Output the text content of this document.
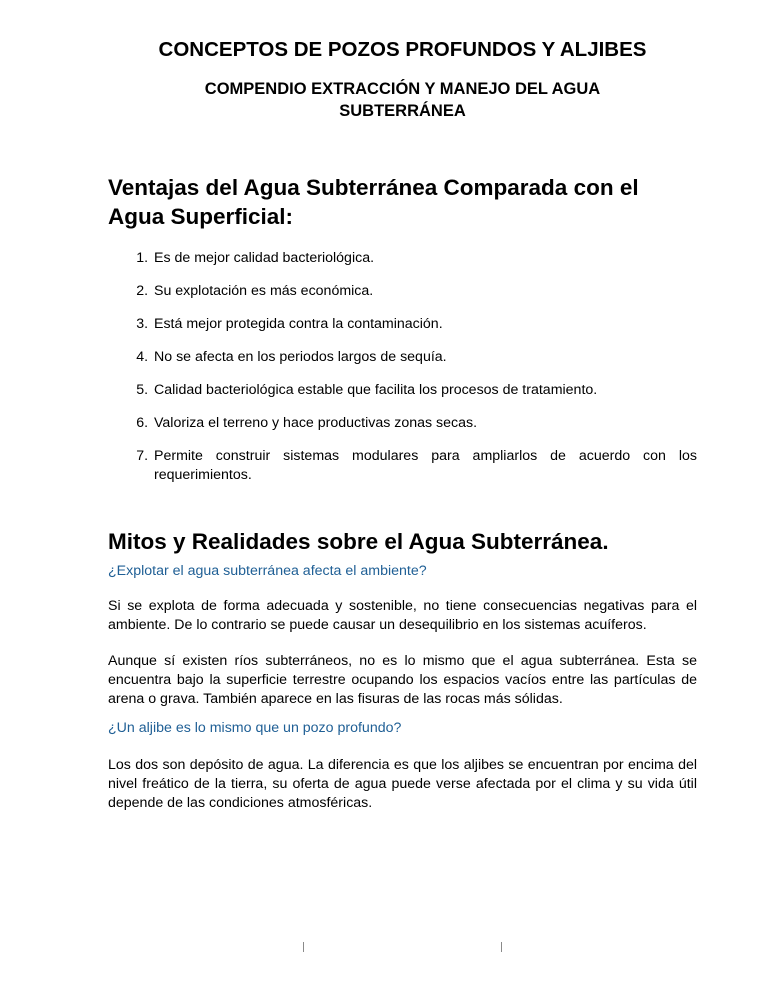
CONCEPTOS DE POZOS PROFUNDOS Y ALJIBES
COMPENDIO EXTRACCIÓN Y MANEJO DEL AGUA SUBTERRÁNEA
Ventajas del Agua Subterránea Comparada con el Agua Superficial:
1. Es de mejor calidad bacteriológica.
2. Su explotación es más económica.
3. Está mejor protegida contra la contaminación.
4. No se afecta en los periodos largos de sequía.
5. Calidad bacteriológica estable que facilita los procesos de tratamiento.
6. Valoriza el terreno y hace productivas zonas secas.
7. Permite construir sistemas modulares para ampliarlos de acuerdo con los requerimientos.
Mitos y Realidades sobre el Agua Subterránea.

¿Explotar el agua subterránea afecta el ambiente?

Si se explota de forma adecuada y sostenible, no tiene consecuencias negativas para el ambiente. De lo contrario se puede causar un desequilibrio en los sistemas acuíferos.

Aunque sí existen ríos subterráneos, no es lo mismo que el agua subterránea. Esta se encuentra bajo la superficie terrestre ocupando los espacios vacíos entre las partículas de arena o grava. También aparece en las fisuras de las rocas más sólidas.

¿Un aljibe es lo mismo que un pozo profundo?

Los dos son depósito de agua. La diferencia es que los aljibes se encuentran por encima del nivel freático de la tierra, su oferta de agua puede verse afectada por el clima y su vida útil depende de las condiciones atmosféricas.
